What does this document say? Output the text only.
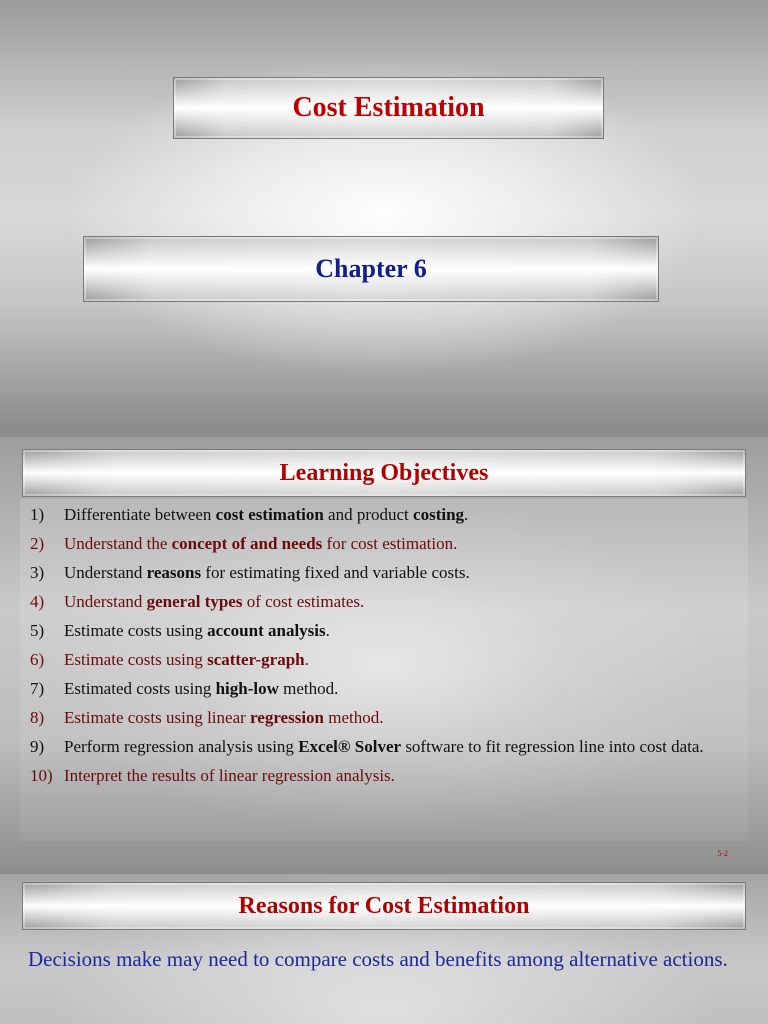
Cost Estimation
Chapter 6
Learning Objectives
1)	Differentiate between cost estimation and product costing.
2)	Understand the concept of and needs for cost estimation.
3)	Understand reasons for estimating fixed and variable costs.
4)	Understand general types of cost estimates.
5)	Estimate costs using account analysis.
6)	Estimate costs using scatter-graph.
7)	Estimated costs using high-low method.
8)	Estimate costs using linear regression method.
9)	Perform regression analysis using Excel® Solver software to fit regression line into cost data.
10) Interpret the results of linear regression analysis.
5-2
Reasons for Cost Estimation

Decisions make may need to compare costs and benefits among alternative actions.
